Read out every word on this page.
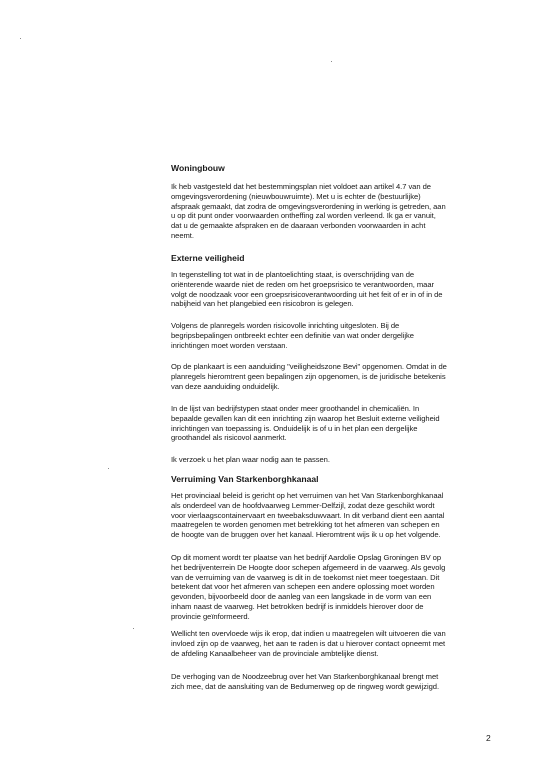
Woningbouw

Ik heb vastgesteld dat het bestemmingsplan niet voldoet aan artikel 4.7 van de
omgevingsverordening (nieuwbouwruimte). Met u is echter de (bestuurlijke)
afspraak gemaakt, dat zodra de omgevingsverordening in werking is getreden, aan
u op dit punt onder voorwaarden ontheffing zal worden verleend. Ik ga er vanuit,
dat u de gemaakte afspraken en de daaraan verbonden voorwaarden in acht
neemt.

Externe veiligheid

In tegenstelling tot wat in de plantoelichting staat, is overschrijding van de
oriënterende waarde niet de reden om het groepsrisico te verantwoorden, maar
volgt de noodzaak voor een groepsrisicoverantwoording uit het feit of er in of in de
nabijheid van het plangebied een risicobron is gelegen.

Volgens de planregels worden risicovolle inrichting uitgesloten. Bij de
begripsbepalingen ontbreekt echter een definitie van wat onder dergelijke
inrichtingen moet worden verstaan.

Op de plankaart is een aanduiding "veiligheidszone Bevi" opgenomen. Omdat in de
planregels hieromtrent geen bepalingen zijn opgenomen, is de juridische betekenis
van deze aanduiding onduidelijk.

In de lijst van bedrijfstypen staat onder meer groothandel in chemicaliën. In
bepaalde gevallen kan dit een inrichting zijn waarop het Besluit externe veiligheid
inrichtingen van toepassing is. Onduidelijk is of u in het plan een dergelijke
groothandel als risicovol aanmerkt.

Ik verzoek u het plan waar nodig aan te passen.

Verruiming Van Starkenborghkanaal

Het provinciaal beleid is gericht op het verruimen van het Van Starkenborghkanaal
als onderdeel van de hoofdvaarweg Lemmer-Delfzijl, zodat deze geschikt wordt
voor vierlaagscontainervaart en tweebaksduwvaart. In dit verband dient een aantal
maatregelen te worden genomen met betrekking tot het afmeren van schepen en
de hoogte van de bruggen over het kanaal. Hieromtrent wijs ik u op het volgende.

Op dit moment wordt ter plaatse van het bedrijf Aardolie Opslag Groningen BV op
het bedrijventerrein De Hoogte door schepen afgemeerd in de vaarweg. Als gevolg
van de verruiming van de vaarweg is dit in de toekomst niet meer toegestaan. Dit
betekent dat voor het afmeren van schepen een andere oplossing moet worden
gevonden, bijvoorbeeld door de aanleg van een langskade in de vorm van een
inham naast de vaarweg. Het betrokken bedrijf is inmiddels hierover door de
provincie geïnformeerd.

Wellicht ten overvloede wijs ik erop, dat indien u maatregelen wilt uitvoeren die van
invloed zijn op de vaarweg, het aan te raden is dat u hierover contact opneemt met
de afdeling Kanaalbeheer van de provinciale ambtelijke dienst.

De verhoging van de Noodzeebrug over het Van Starkenborghkanaal brengt met
zich mee, dat de aansluiting van de Bedumerweg op de ringweg wordt gewijzigd.

2
